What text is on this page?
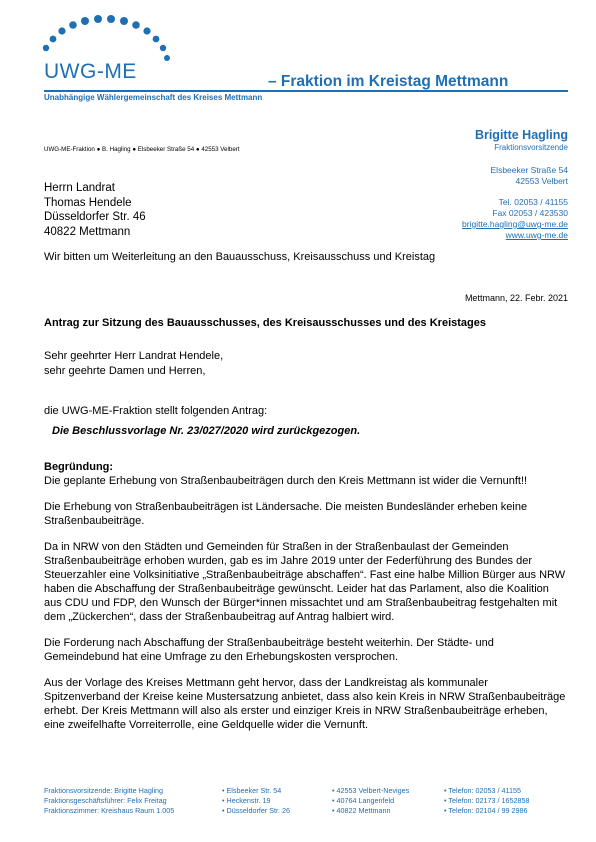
UWG-ME	– Fraktion im Kreistag Mettmann
Unabhängige Wählergemeinschaft des Kreises Mettmann
Brigitte Hagling
Fraktionsvorsitzende
Elsbeeker Straße 54
42553 Velbert
Tel. 02053 / 41155
Fax 02053 / 423530
brigitte.hagling@uwg-me.de
www.uwg-me.de
UWG-ME-Fraktion ● B. Hagling ● Elsbeeker Straße 54 ● 42553 Velbert
Herrn Landrat
Thomas Hendele
Düsseldorfer Str. 46
40822 Mettmann
Wir bitten um Weiterleitung an den Bauausschuss, Kreisausschuss und Kreistag
Mettmann, 22. Febr. 2021
Antrag zur Sitzung des Bauausschusses, des Kreisausschusses und des Kreistages
Sehr geehrter Herr Landrat Hendele,
sehr geehrte Damen und Herren,
die UWG-ME-Fraktion stellt folgenden Antrag:
Die Beschlussvorlage Nr. 23/027/2020 wird zurückgezogen.

Begründung:
Die geplante Erhebung von Straßenbaubeiträgen durch den Kreis Mettmann ist wider die Vernunft!!

Die Erhebung von Straßenbaubeiträgen ist Ländersache. Die meisten Bundesländer erheben keine Straßenbaubeiträge.

Da in NRW von den Städten und Gemeinden für Straßen in der Straßenbaulast der Gemeinden Straßenbaubeiträge erhoben wurden, gab es im Jahre 2019 unter der Federführung des Bundes der Steuerzahler eine Volksinitiative „Straßenbaubeiträge abschaffen“. Fast eine halbe Million Bürger aus NRW haben die Abschaffung der Straßenbaubeiträge gewünscht. Leider hat das Parlament, also die Koalition aus CDU und FDP, den Wunsch der Bürger*innen missachtet und am Straßenbaubeitrag festgehalten mit dem „Zückerchen“, dass der Straßenbaubeitrag auf Antrag halbiert wird.

Die Forderung nach Abschaffung der Straßenbaubeiträge besteht weiterhin. Der Städte- und Gemeindebund hat eine Umfrage zu den Erhebungskosten versprochen.

Aus der Vorlage des Kreises Mettmann geht hervor, dass der Landkreistag als kommunaler Spitzenverband der Kreise keine Mustersatzung anbietet, dass also kein Kreis in NRW Straßenbaubeiträge erhebt. Der Kreis Mettmann will also als erster und einziger Kreis in NRW Straßenbaubeiträge erheben, eine zweifelhafte Vorreiterrolle, eine Geldquelle wider die Vernunft.

Fraktionsvorsitzende: Brigitte Hagling	• Elsbeeker Str. 54	• 42553 Velbert-Neviges	• Telefon: 02053 / 41155
Fraktionsgeschäftsführer: Felix Freitag	• Heckenstr. 19	• 40764 Langenfeld	• Telefon: 02173 / 1652858
Fraktionszimmer: Kreishaus Raum 1.005	• Düsseldorfer Str. 26	• 40822 Mettmann	• Telefon: 02104 / 99 2986
